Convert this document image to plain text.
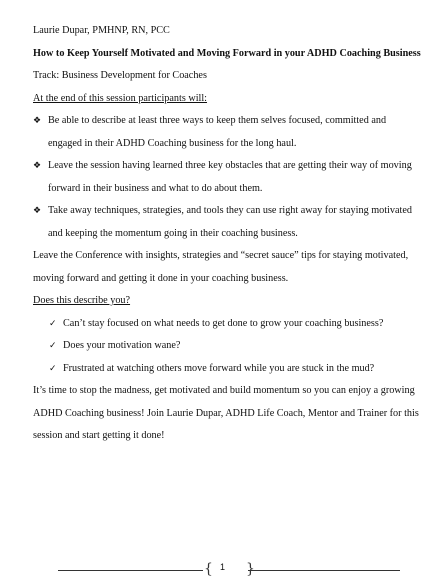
Laurie Dupar, PMHNP, RN, PCC
How to Keep Yourself Motivated and Moving Forward in your ADHD Coaching Business
Track: Business Development for Coaches
At the end of this session participants will:
❖ Be able to describe at least three ways to keep them selves focused, committed and engaged in their ADHD Coaching business for the long haul.
❖ Leave the session having learned three key obstacles that are getting their way of moving forward in their business and what to do about them.
❖ Take away techniques, strategies, and tools they can use right away for staying motivated and keeping the momentum going in their coaching business.
Leave the Conference with insights, strategies and “secret sauce” tips for staying motivated, moving forward and getting it done in your coaching business.
Does this describe you?
✓ Can’t stay focused on what needs to get done to grow your coaching business?
✓ Does your motivation wane?
✓ Frustrated at watching others move forward while you are stuck in the mud?
It’s time to stop the madness, get motivated and build momentum so you can enjoy a growing ADHD Coaching business! Join Laurie Dupar, ADHD Life Coach, Mentor and Trainer for this session and start getting it done!
{ 1 }
